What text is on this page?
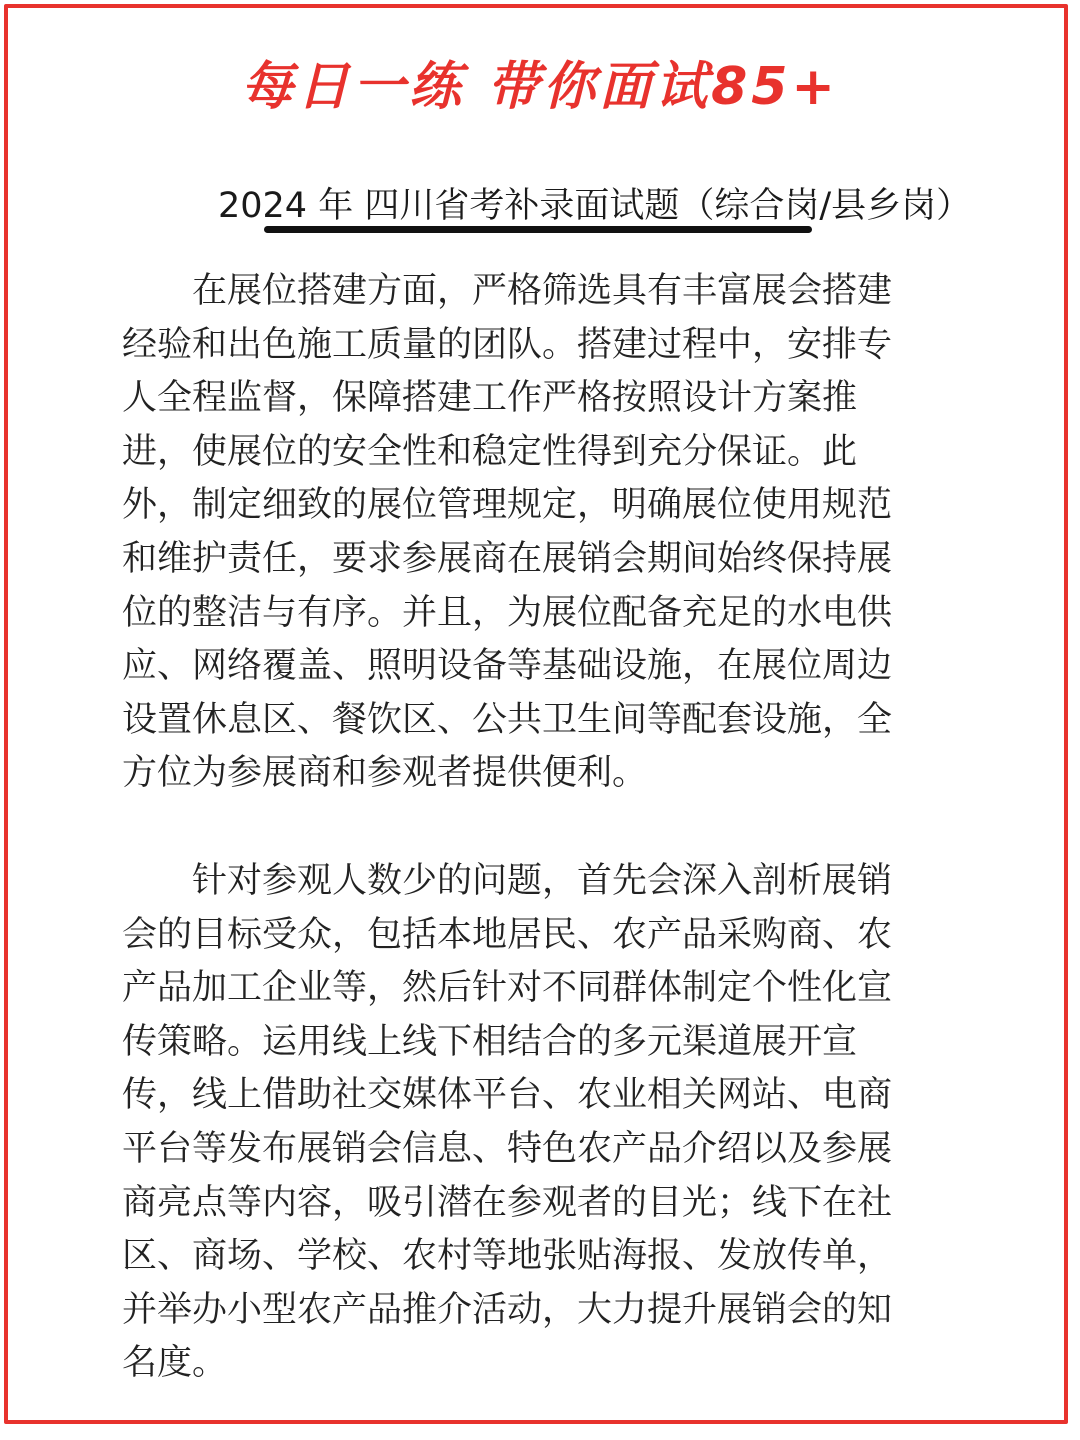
每日一练 带你面试85+
2024 年 四川省考补录面试题（综合岗/县乡岗）
　　在展位搭建方面，严格筛选具有丰富展会搭建
经验和出色施工质量的团队。搭建过程中，安排专
人全程监督，保障搭建工作严格按照设计方案推
进，使展位的安全性和稳定性得到充分保证。此
外，制定细致的展位管理规定，明确展位使用规范
和维护责任，要求参展商在展销会期间始终保持展
位的整洁与有序。并且，为展位配备充足的水电供
应、网络覆盖、照明设备等基础设施，在展位周边
设置休息区、餐饮区、公共卫生间等配套设施，全
方位为参展商和参观者提供便利。
　　针对参观人数少的问题，首先会深入剖析展销
会的目标受众，包括本地居民、农产品采购商、农
产品加工企业等，然后针对不同群体制定个性化宣
传策略。运用线上线下相结合的多元渠道展开宣
传，线上借助社交媒体平台、农业相关网站、电商
平台等发布展销会信息、特色农产品介绍以及参展
商亮点等内容，吸引潜在参观者的目光；线下在社
区、商场、学校、农村等地张贴海报、发放传单，
并举办小型农产品推介活动，大力提升展销会的知
名度。
